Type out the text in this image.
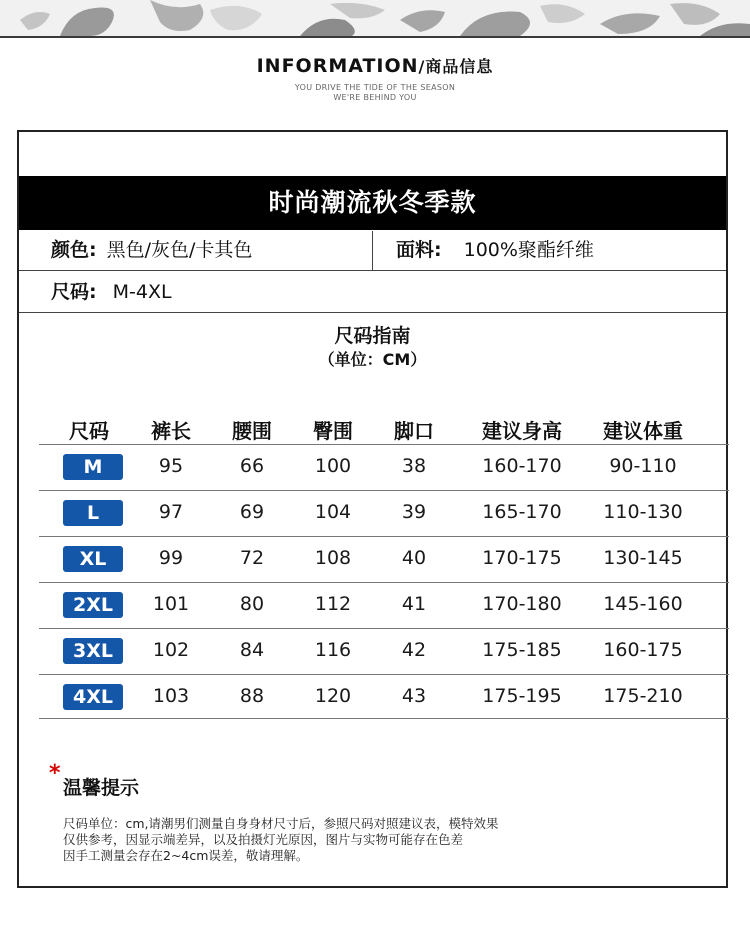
INFORMATION/商品信息
YOU DRIVE THE TIDE OF THE SEASON
WE'RE BEHIND YOU
时尚潮流秋冬季款
颜色: 黑色/灰色/卡其色	面料: 100%聚酯纤维
尺码: M-4XL
尺码指南
（单位：CM）
尺码 裤长 腰围 臀围 脚口 建议身高 建议体重
M	95	66	100	38	160-170	90-110
L	97	69	104	39	165-170 110-130
XL	99	72	108	40	170-175 130-145
2XL	101	80	112	41	170-180 145-160
3XL	102	84	116	42	175-185 160-175
4XL	103	88	120	43	175-195 175-210
*
温馨提示
尺码单位：cm,请潮男们测量自身身材尺寸后，参照尺码对照建议表，模特效果
仅供参考，因显示端差异，以及拍摄灯光原因，图片与实物可能存在色差
因手工测量会存在2~4cm误差，敬请理解。
